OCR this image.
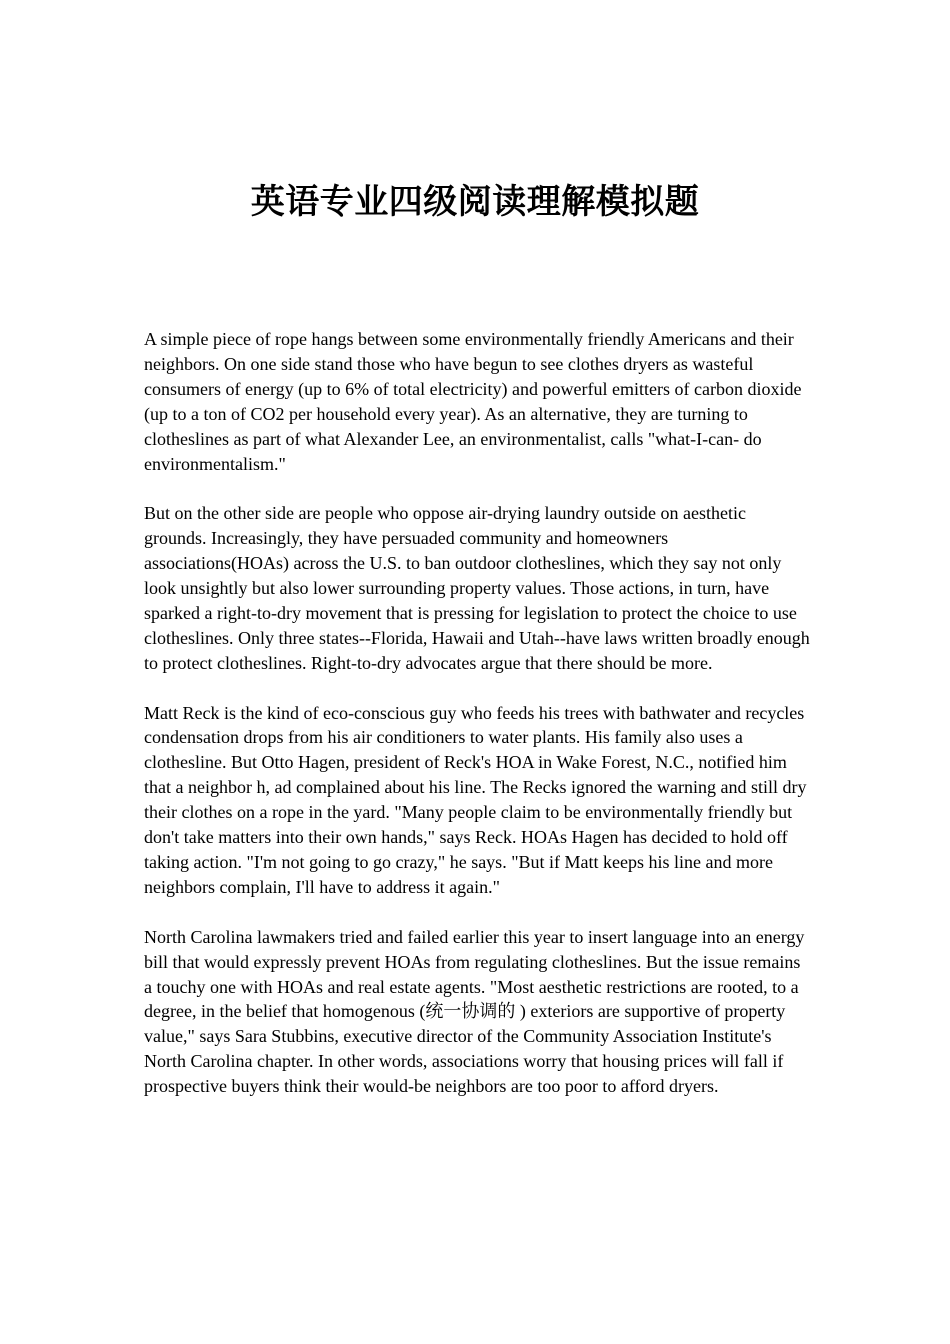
英语专业四级阅读理解模拟题

A simple piece of rope hangs between some environmentally friendly Americans and their neighbors. On one side stand those who have begun to see clothes dryers as wasteful consumers of energy (up to 6% of total electricity) and powerful emitters of carbon dioxide (up to a ton of CO2 per household every year). As an alternative, they are turning to clotheslines as part of what Alexander Lee, an environmentalist, calls "what-I-can- do environmentalism."

But on the other side are people who oppose air-drying laundry outside on aesthetic grounds. Increasingly, they have persuaded community and homeowners associations(HOAs) across the U.S. to ban outdoor clotheslines, which they say not only look unsightly but also lower surrounding property values. Those actions, in turn, have sparked a right-to-dry movement that is pressing for legislation to protect the choice to use clotheslines. Only three states--Florida, Hawaii and Utah--have laws written broadly enough to protect clotheslines. Right-to-dry advocates argue that there should be more.

Matt Reck is the kind of eco-conscious guy who feeds his trees with bathwater and recycles condensation drops from his air conditioners to water plants. His family also uses a clothesline. But Otto Hagen, president of Reck's HOA in Wake Forest, N.C., notified him that a neighbor h, ad complained about his line. The Recks ignored the warning and still dry their clothes on a rope in the yard. "Many people claim to be environmentally friendly but don't take matters into their own hands," says Reck. HOAs Hagen has decided to hold off taking action. "I'm not going to go crazy," he says. "But if Matt keeps his line and more neighbors complain, I'll have to address it again."

North Carolina lawmakers tried and failed earlier this year to insert language into an energy bill that would expressly prevent HOAs from regulating clotheslines. But the issue remains a touchy one with HOAs and real estate agents. "Most aesthetic restrictions are rooted, to a degree, in the belief that homogenous (统一协调的 ) exteriors are supportive of property value," says Sara Stubbins, executive director of the Community Association Institute's North Carolina chapter. In other words, associations worry that housing prices will fall if prospective buyers think their would-be neighbors are too poor to afford dryers.
